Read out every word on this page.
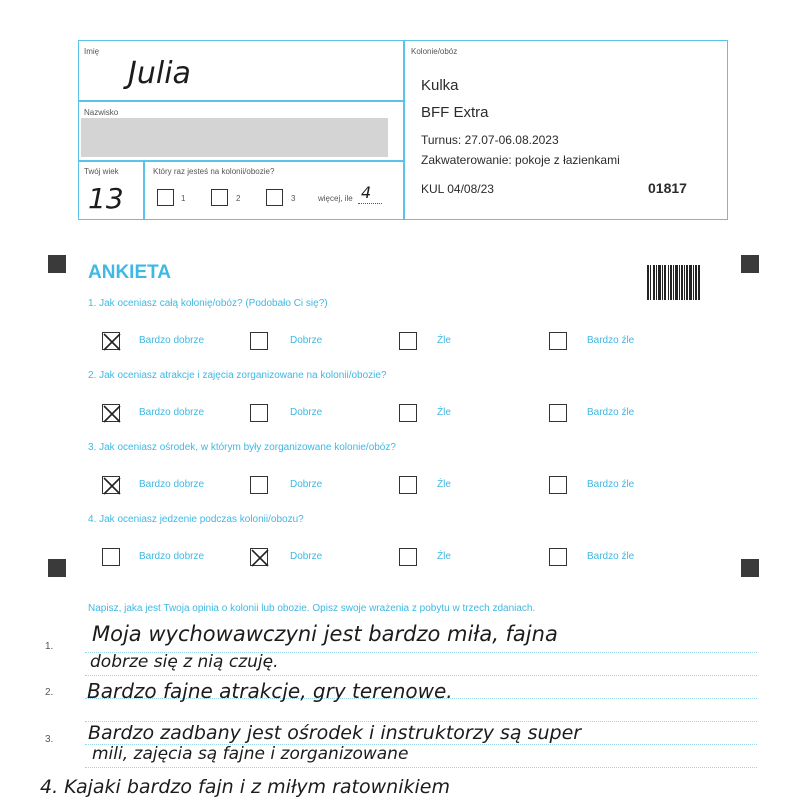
Imię
Julia
Nazwisko
Twój wiek
13
Który raz jesteś na kolonii/obozie?
1	2	3	więcej, ile 4
Kolonie/obóz
Kulka
BFF Extra
Turnus: 27.07-06.08.2023
Zakwaterowanie: pokoje z łazienkami
KUL 04/08/23	01817
ANKIETA
1. Jak oceniasz całą kolonię/obóz? (Podobało Ci się?)
Bardzo dobrze	Dobrze	Źle	Bardzo źle
2. Jak oceniasz atrakcje i zajęcia zorganizowane na kolonii/obozie?
Bardzo dobrze	Dobrze	Źle	Bardzo źle
3. Jak oceniasz ośrodek, w którym były zorganizowane kolonie/obóz?
Bardzo dobrze	Dobrze	Źle	Bardzo źle
4. Jak oceniasz jedzenie podczas kolonii/obozu?
Bardzo dobrze	Dobrze	Źle	Bardzo źle
Napisz, jaka jest Twoja opinia o kolonii lub obozie. Opisz swoje wrażenia z pobytu w trzech zdaniach.
1.
2.
3.
Moja wychowawczyni jest bardzo miła, fajna
dobrze się z nią czuję.
Bardzo fajne atrakcje, gry terenowe.
Bardzo zadbany jest ośrodek i instruktorzy są super
mili, zajęcia są fajne i zorganizowane
4. Kajaki bardzo fajn i z miłym ratownikiem
